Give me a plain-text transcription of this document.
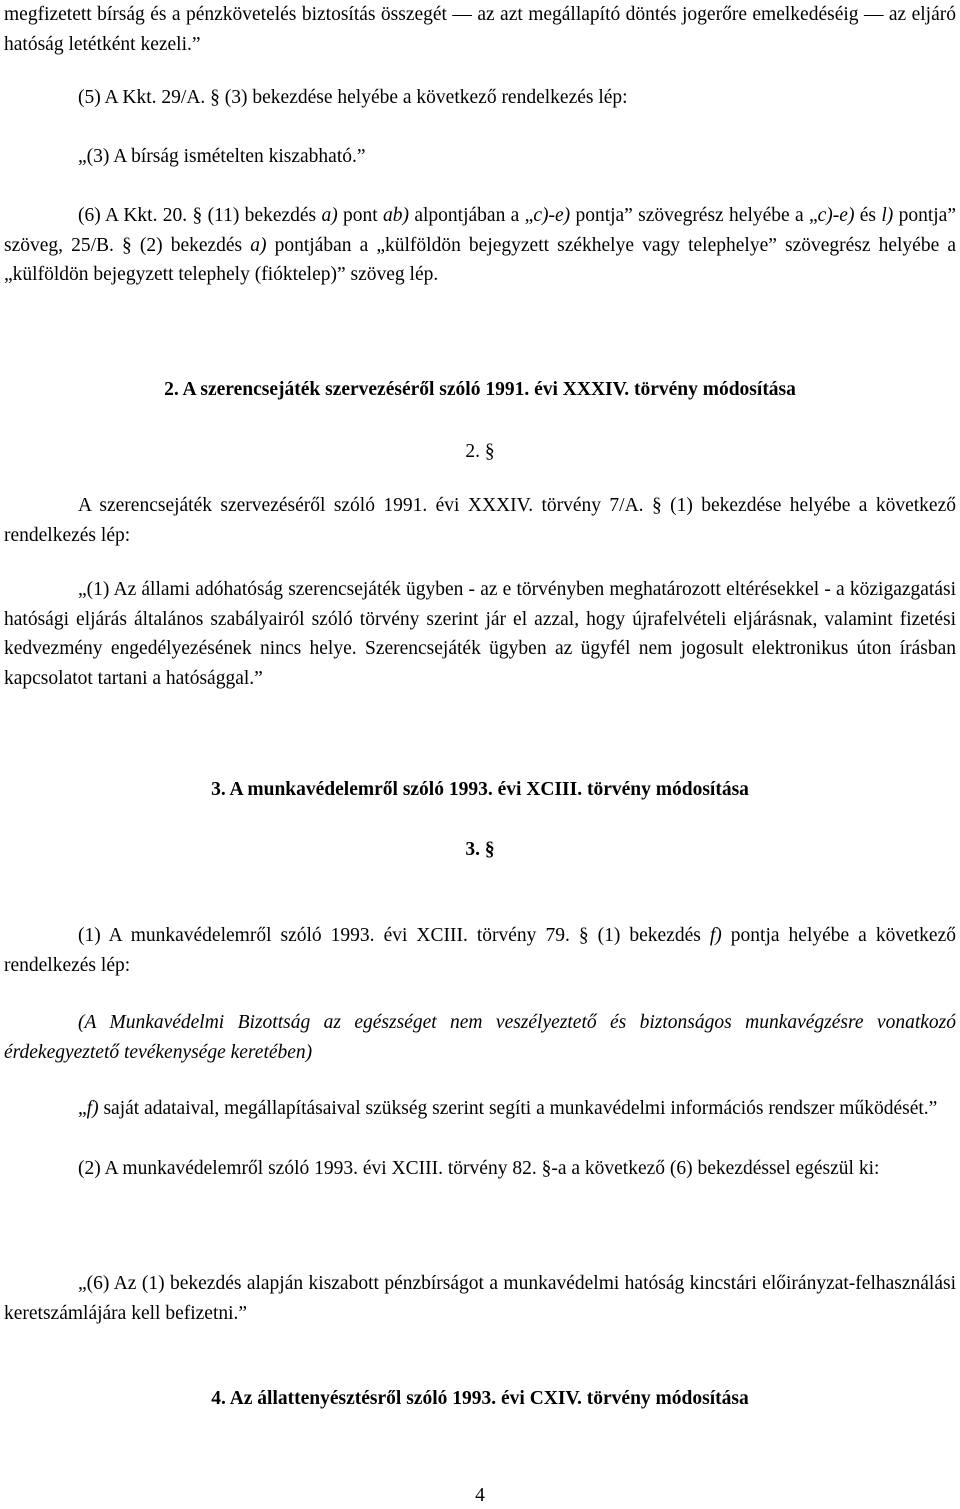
megfizetett bírság és a pénzkövetelés biztosítás összegét — az azt megállapító döntés jogerőre emelkedéséig — az eljáró hatóság letétként kezeli.”

(5) A Kkt. 29/A. § (3) bekezdése helyébe a következő rendelkezés lép:

„(3) A bírság ismételten kiszabható.”

(6) A Kkt. 20. § (11) bekezdés a) pont ab) alpontjában a „c)-e) pontja” szövegrész helyébe a „c)-e) és l) pontja” szöveg, 25/B. § (2) bekezdés a) pontjában a „külföldön bejegyzett székhelye vagy telephelye” szövegrész helyébe a „külföldön bejegyzett telephely (fióktelep)” szöveg lép.

2. A szerencsejáték szervezéséről szóló 1991. évi XXXIV. törvény módosítása

2. §

A szerencsejáték szervezéséről szóló 1991. évi XXXIV. törvény 7/A. § (1) bekezdése helyébe a következő rendelkezés lép:

„(1) Az állami adóhatóság szerencsejáték ügyben - az e törvényben meghatározott eltérésekkel - a közigazgatási hatósági eljárás általános szabályairól szóló törvény szerint jár el azzal, hogy újrafelvételi eljárásnak, valamint fizetési kedvezmény engedélyezésének nincs helye. Szerencsejáték ügyben az ügyfél nem jogosult elektronikus úton írásban kapcsolatot tartani a hatósággal.”

3. A munkavédelemről szóló 1993. évi XCIII. törvény módosítása

3. §

(1) A munkavédelemről szóló 1993. évi XCIII. törvény 79. § (1) bekezdés f) pontja helyébe a következő rendelkezés lép:

(A Munkavédelmi Bizottság az egészséget nem veszélyeztető és biztonságos munkavégzésre vonatkozó érdekegyeztető tevékenysége keretében)

„f) saját adataival, megállapításaival szükség szerint segíti a munkavédelmi információs rendszer működését.”

(2) A munkavédelemről szóló 1993. évi XCIII. törvény 82. §-a a következő (6) bekezdéssel egészül ki:

„(6) Az (1) bekezdés alapján kiszabott pénzbírságot a munkavédelmi hatóság kincstári előirányzat-felhasználási keretszámlájára kell befizetni.”

4. Az állattenyésztésről szóló 1993. évi CXIV. törvény módosítása
4
